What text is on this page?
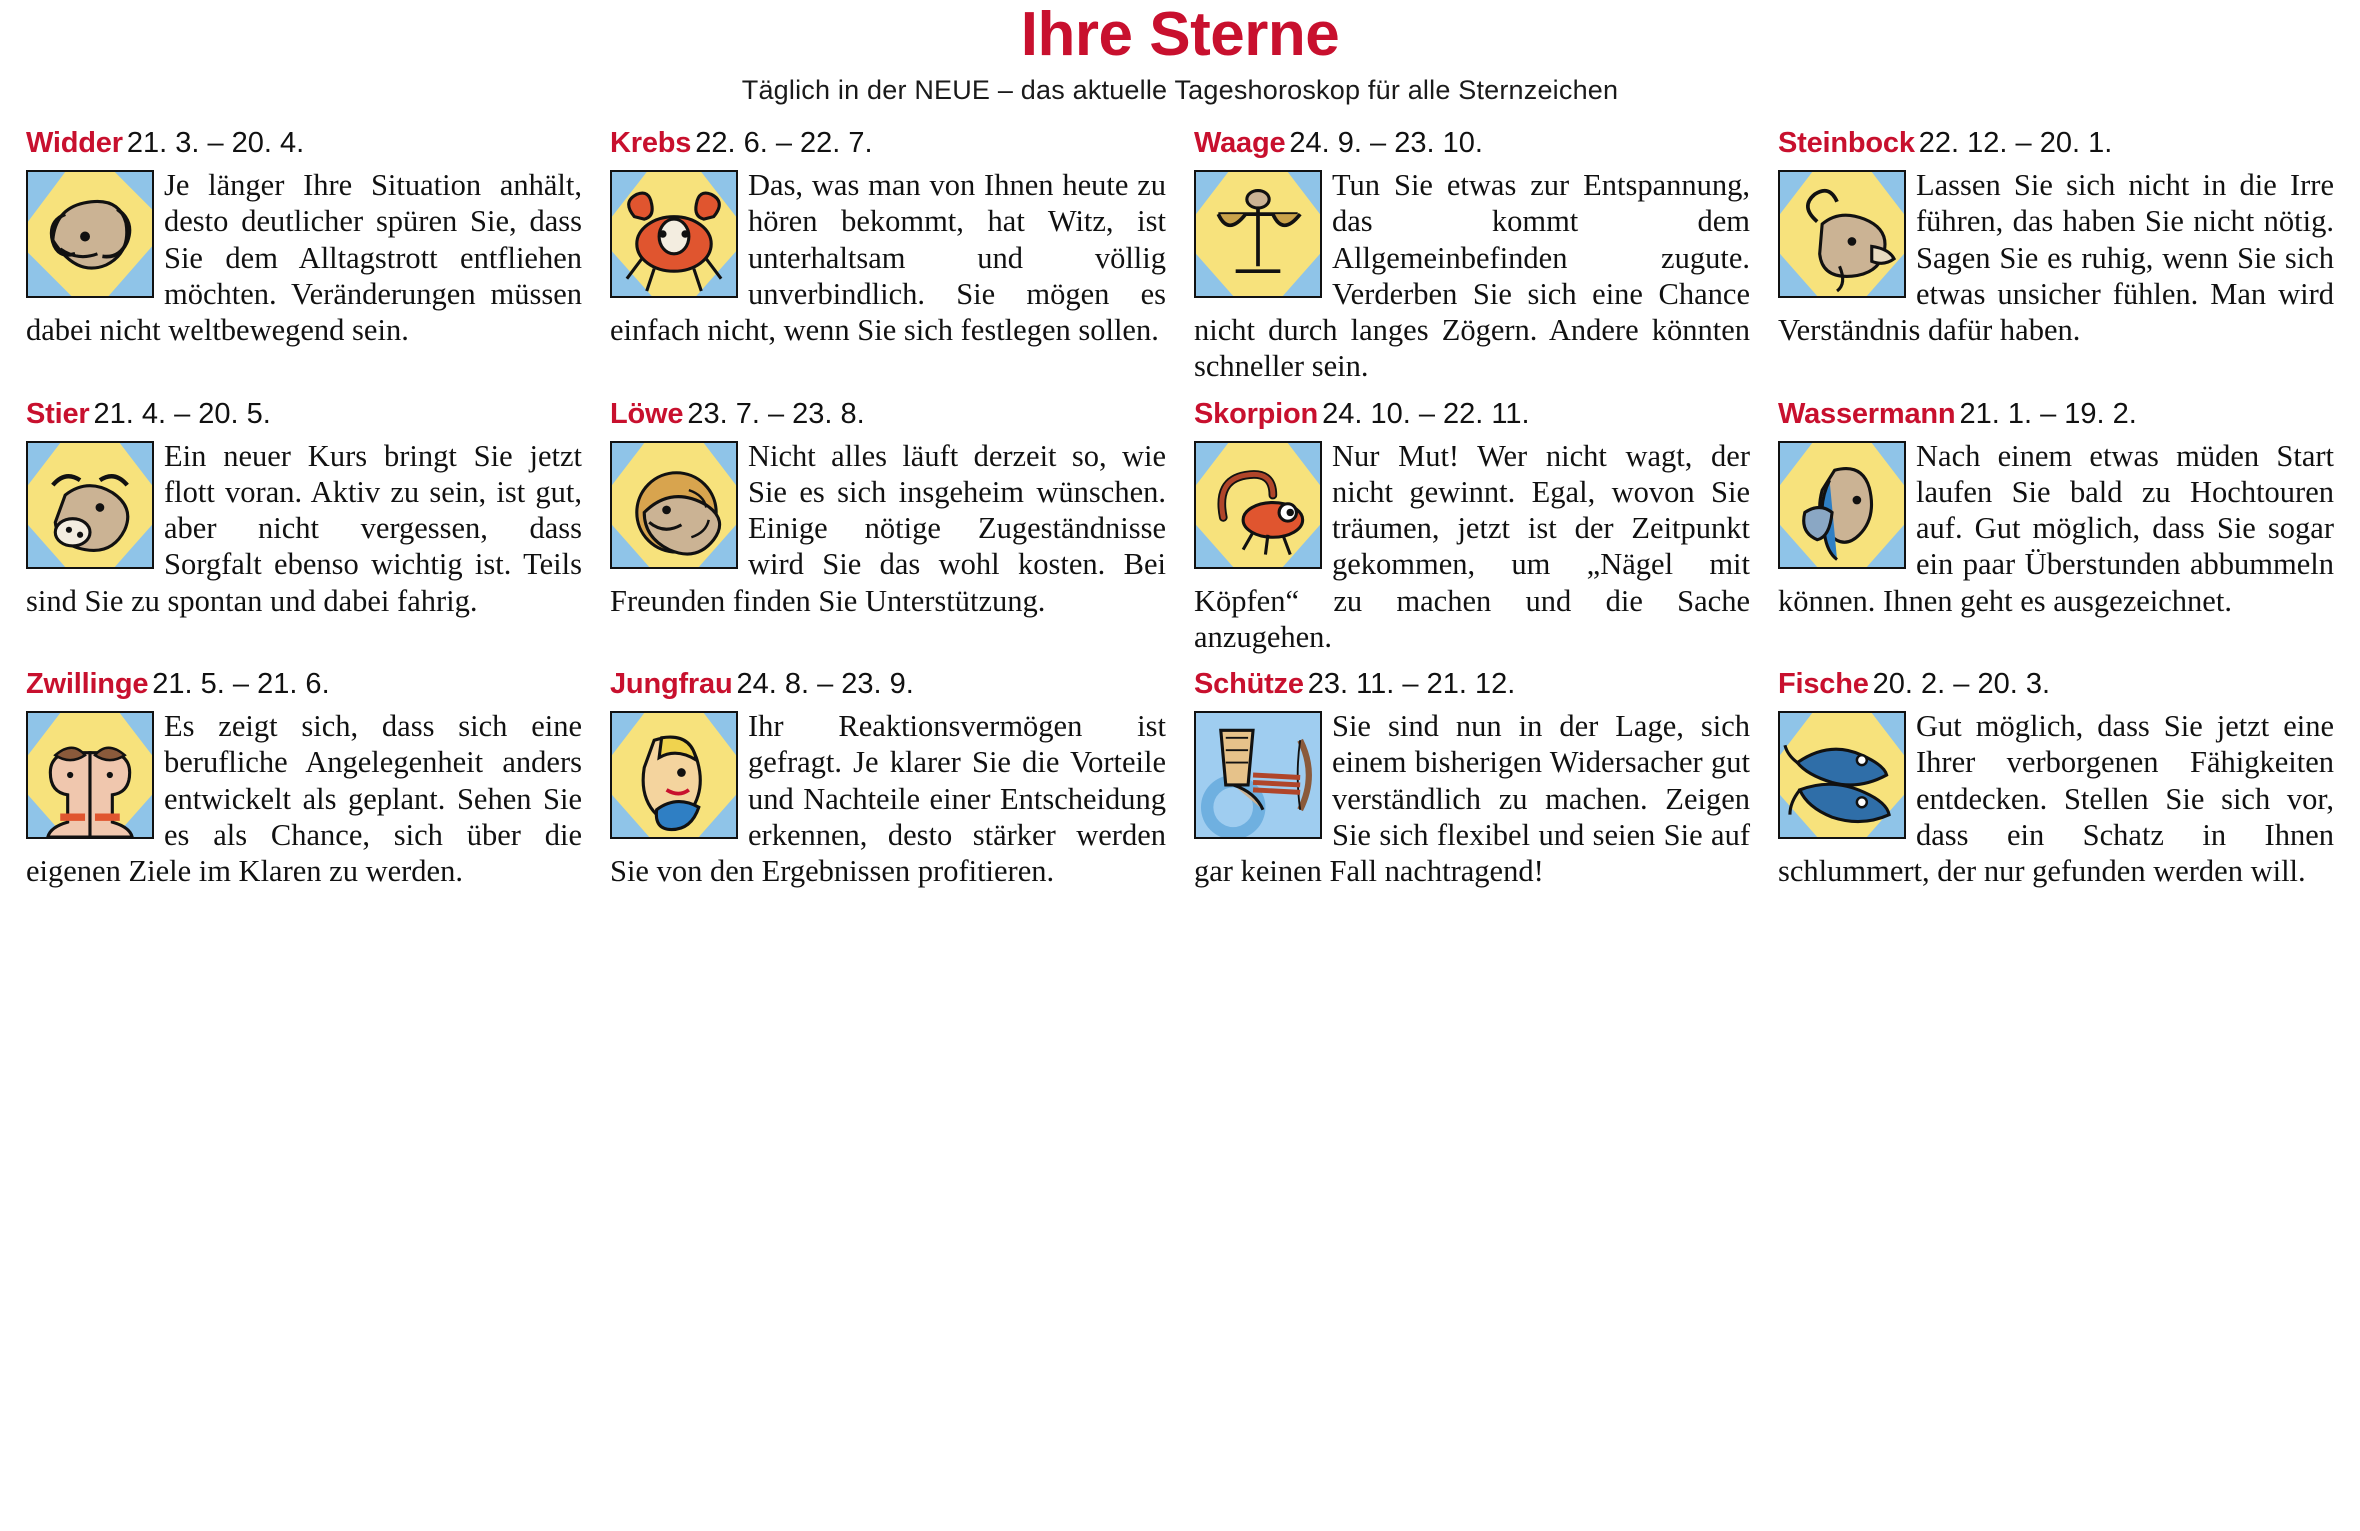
Ihre Sterne
Täglich in der NEUE – das aktuelle Tageshoroskop für alle Sternzeichen
Widder 21. 3. – 20. 4.
Je länger Ihre Situation anhält, desto deutlicher spüren Sie, dass Sie dem Alltagstrott entfliehen möchten. Veränderungen müssen dabei nicht weltbewegend sein.
Krebs 22. 6. – 22. 7.
Das, was man von Ihnen heute zu hören bekommt, hat Witz, ist unterhaltsam und völlig unverbindlich. Sie mögen es einfach nicht, wenn Sie sich festlegen sollen.
Waage 24. 9. – 23. 10.
Tun Sie etwas zur Entspannung, das kommt dem Allgemeinbefinden zugute. Verderben Sie sich eine Chance nicht durch langes Zögern. Andere könnten schneller sein.
Steinbock 22. 12. – 20. 1.
Lassen Sie sich nicht in die Irre führen, das haben Sie nicht nötig. Sagen Sie es ruhig, wenn Sie sich etwas unsicher fühlen. Man wird Verständnis dafür haben.
Stier 21. 4. – 20. 5.
Ein neuer Kurs bringt Sie jetzt flott voran. Aktiv zu sein, ist gut, aber nicht vergessen, dass Sorgfalt ebenso wichtig ist. Teils sind Sie zu spontan und dabei fahrig.
Löwe 23. 7. – 23. 8.
Nicht alles läuft derzeit so, wie Sie es sich insgeheim wünschen. Einige nötige Zugeständnisse wird Sie das wohl kosten. Bei Freunden finden Sie Unterstützung.
Skorpion 24. 10. – 22. 11.
Nur Mut! Wer nicht wagt, der nicht gewinnt. Egal, wovon Sie träumen, jetzt ist der Zeitpunkt gekommen, um „Nägel mit Köpfen“ zu machen und die Sache anzugehen.
Wassermann 21. 1. – 19. 2.
Nach einem etwas müden Start laufen Sie bald zu Hochtouren auf. Gut möglich, dass Sie sogar ein paar Überstunden abbummeln können. Ihnen geht es ausgezeichnet.
Zwillinge 21. 5. – 21. 6.
Es zeigt sich, dass sich eine berufliche Angelegenheit anders entwickelt als geplant. Sehen Sie es als Chance, sich über die eigenen Ziele im Klaren zu werden.
Jungfrau 24. 8. – 23. 9.
Ihr Reaktionsvermögen ist gefragt. Je klarer Sie die Vorteile und Nachteile einer Entscheidung erkennen, desto stärker werden Sie von den Ergebnissen profitieren.
Schütze 23. 11. – 21. 12.
Sie sind nun in der Lage, sich einem bisherigen Widersacher gut verständlich zu machen. Zeigen Sie sich flexibel und seien Sie auf gar keinen Fall nachtragend!
Fische 20. 2. – 20. 3.
Gut möglich, dass Sie jetzt eine Ihrer verborgenen Fähigkeiten entdecken. Stellen Sie sich vor, dass ein Schatz in Ihnen schlummert, der nur gefunden werden will.
